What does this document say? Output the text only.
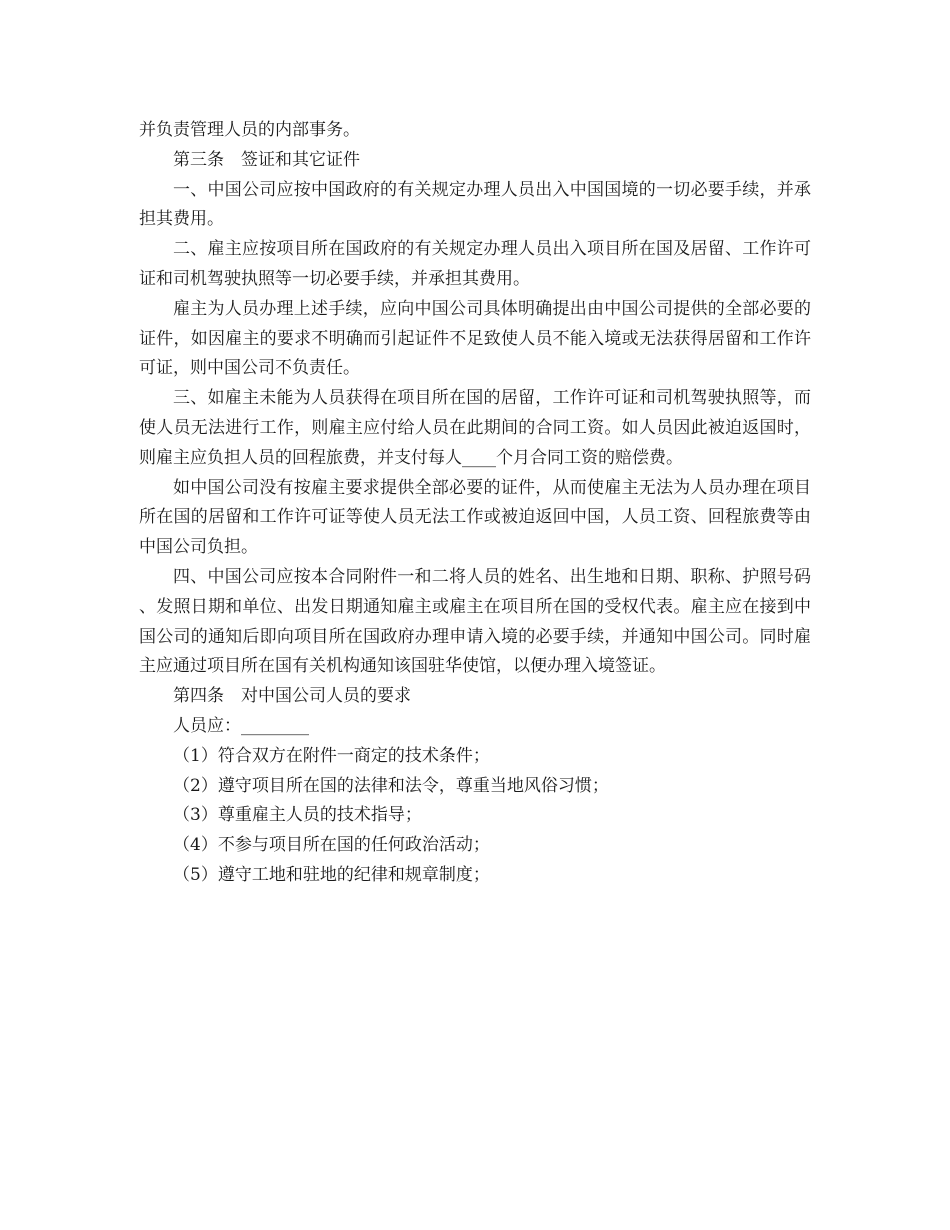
并负责管理人员的内部事务。

第三条　签证和其它证件

一、中国公司应按中国政府的有关规定办理人员出入中国国境的一切必要手续，并承担其费用。

二、雇主应按项目所在国政府的有关规定办理人员出入项目所在国及居留、工作许可证和司机驾驶执照等一切必要手续，并承担其费用。

雇主为人员办理上述手续，应向中国公司具体明确提出由中国公司提供的全部必要的证件，如因雇主的要求不明确而引起证件不足致使人员不能入境或无法获得居留和工作许可证，则中国公司不负责任。

三、如雇主未能为人员获得在项目所在国的居留，工作许可证和司机驾驶执照等，而使人员无法进行工作，则雇主应付给人员在此期间的合同工资。如人员因此被迫返国时，则雇主应负担人员的回程旅费，并支付每人____个月合同工资的赔偿费。

如中国公司没有按雇主要求提供全部必要的证件，从而使雇主无法为人员办理在项目所在国的居留和工作许可证等使人员无法工作或被迫返回中国，人员工资、回程旅费等由中国公司负担。

四、中国公司应按本合同附件一和二将人员的姓名、出生地和日期、职称、护照号码、发照日期和单位、出发日期通知雇主或雇主在项目所在国的受权代表。雇主应在接到中国公司的通知后即向项目所在国政府办理申请入境的必要手续，并通知中国公司。同时雇主应通过项目所在国有关机构通知该国驻华使馆，以便办理入境签证。

第四条　对中国公司人员的要求

人员应：________

（1）符合双方在附件一商定的技术条件；

（2）遵守项目所在国的法律和法令，尊重当地风俗习惯；

（3）尊重雇主人员的技术指导；

（4）不参与项目所在国的任何政治活动；

（5）遵守工地和驻地的纪律和规章制度；
